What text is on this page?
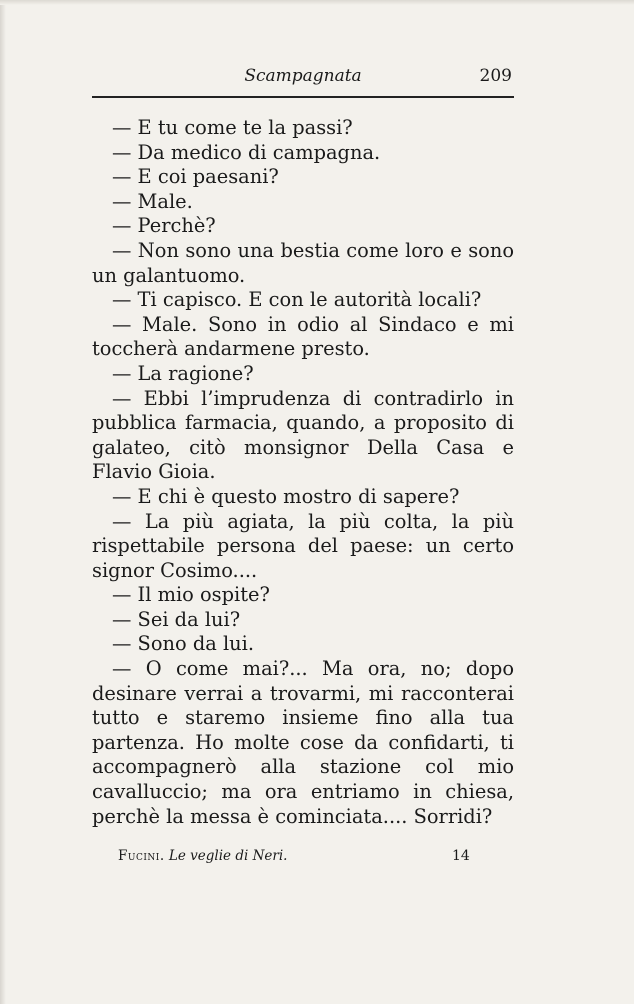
Scampagnata	209

— E tu come te la passi?

— Da medico di campagna.

— E coi paesani?

— Male.

— Perchè?

— Non sono una bestia come loro e sono un galantuomo.

— Ti capisco. E con le autorità locali?

— Male. Sono in odio al Sindaco e mi toccherà andarmene presto.

— La ragione?

— Ebbi l’imprudenza di contradirlo in pubblica farmacia, quando, a proposito di galateo, citò monsignor Della Casa e Flavio Gioia.

— E chi è questo mostro di sapere?

— La più agiata, la più colta, la più rispettabile persona del paese: un certo signor Cosimo....

— Il mio ospite?

— Sei da lui?

— Sono da lui.

— O come mai?... Ma ora, no; dopo desinare verrai a trovarmi, mi racconterai tutto e staremo insieme fino alla tua partenza. Ho molte cose da confidarti, ti accompagnerò alla stazione col mio cavalluccio; ma ora entriamo in chiesa, perchè la messa è cominciata.... Sorridi?

Fucini. Le veglie di Neri.	14
